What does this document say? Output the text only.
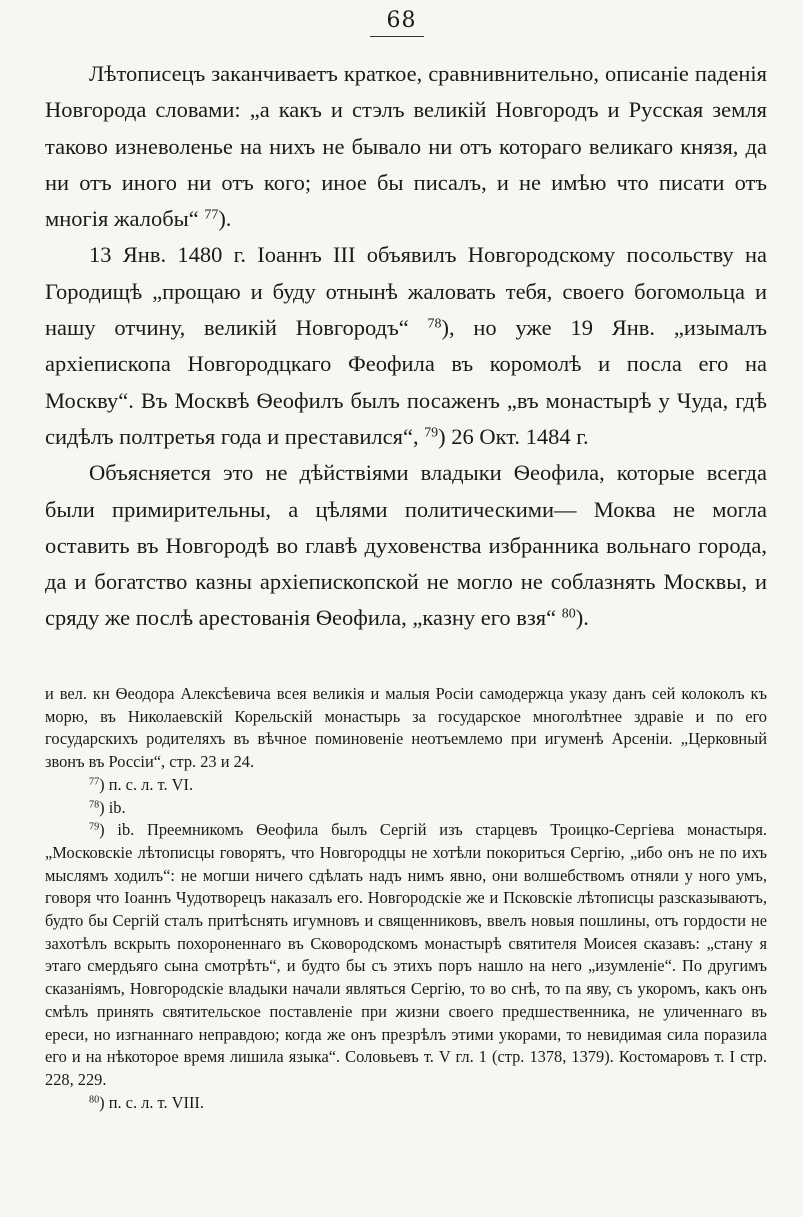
68

Лѣтописецъ заканчиваетъ краткое, сравнивнительно, описаніе паденія Новгорода словами: „а какъ и стэлъ великій Новгородъ и Русская земля таково изневоленье на нихъ не бывало ни отъ котораго великаго князя, да ни отъ иного ни отъ кого; иное бы писалъ, и не имѣю что писати отъ многія жалобы“ $^{77}$).

13 Янв. 1480 г. Іоаннъ III объявилъ Новгородскому посольству на Городищѣ „прощаю и буду отнынѣ жаловать тебя, своего богомольца и нашу отчину, великій Новгородъ“ $^{78}$), но уже 19 Янв. „изымалъ архіепископа Новгородцкаго Феофила въ коромолѣ и посла его на Москву“. Въ Москвѣ Ѳеофилъ былъ посаженъ „въ монастырѣ у Чуда, гдѣ сидѣлъ полтретья года и преставился“, $^{79}$) 26 Окт. 1484 г.

Объясняется это не дѣйствіями владыки Ѳеофила, которые всегда были примирительны, а цѣлями политическими— Моква не могла оставить въ Новгородѣ во главѣ духовенства избранника вольнаго города, да и богатство казны архіепископской не могло не соблазнять Москвы, и сряду же послѣ арестованія Ѳеофила, „казну его взя“ $^{80}$).

и вел. кн Ѳеодора Алексѣевича всея великія и малыя Росіи самодержца указу данъ сей колоколъ къ морю, въ Николаевскій Корельскій монастырь за государское многолѣтнее здравіе и по его государскихъ родителяхъ въ вѣчное поминовеніе неотъемлемо при игуменѣ Арсеніи. „Церковный звонъ въ Россіи“, стр. 23 и 24.

$^{77}$) п. с. л. т. VI.

$^{78}$) ib.

$^{79}$) ib. Преемникомъ Ѳеофила былъ Сергій изъ старцевъ Троицко-Сергіева монастыря. „Московскіе лѣтописцы говорятъ, что Новгородцы не хотѣли покориться Сергію, „ибо онъ не по ихъ мыслямъ ходилъ“: не могши ничего сдѣлать надъ нимъ явно, они волшебствомъ отняли у ного умъ, говоря что Іоаннъ Чудотворецъ наказалъ его. Новгородскіе же и Псковскіе лѣтописцы разсказываютъ, будто бы Сергій сталъ притѣснять игумновъ и священниковъ, ввелъ новыя пошлины, отъ гордости не захотѣлъ вскрыть похороненнаго въ Сковородскомъ монастырѣ святителя Моисея сказавъ: „стану я этаго смердьяго сына смотрѣть“, и будто бы съ этихъ поръ нашло на него „изумленіе“. По другимъ сказаніямъ, Новгородскіе владыки начали являться Сергію, то во снѣ, то па яву, съ укоромъ, какъ онъ смѣлъ принять святительское поставленіе при жизни своего предшественника, не уличеннаго въ ереси, но изгнаннаго неправдою; когда же онъ презрѣлъ этими укорами, то невидимая сила поразила его и на нѣкоторое время лишила языка“. Соловьевъ т. V гл. 1 (стр. 1378, 1379). Костомаровъ т. I стр. 228, 229.

$^{80}$) п. с. л. т. VIII.
